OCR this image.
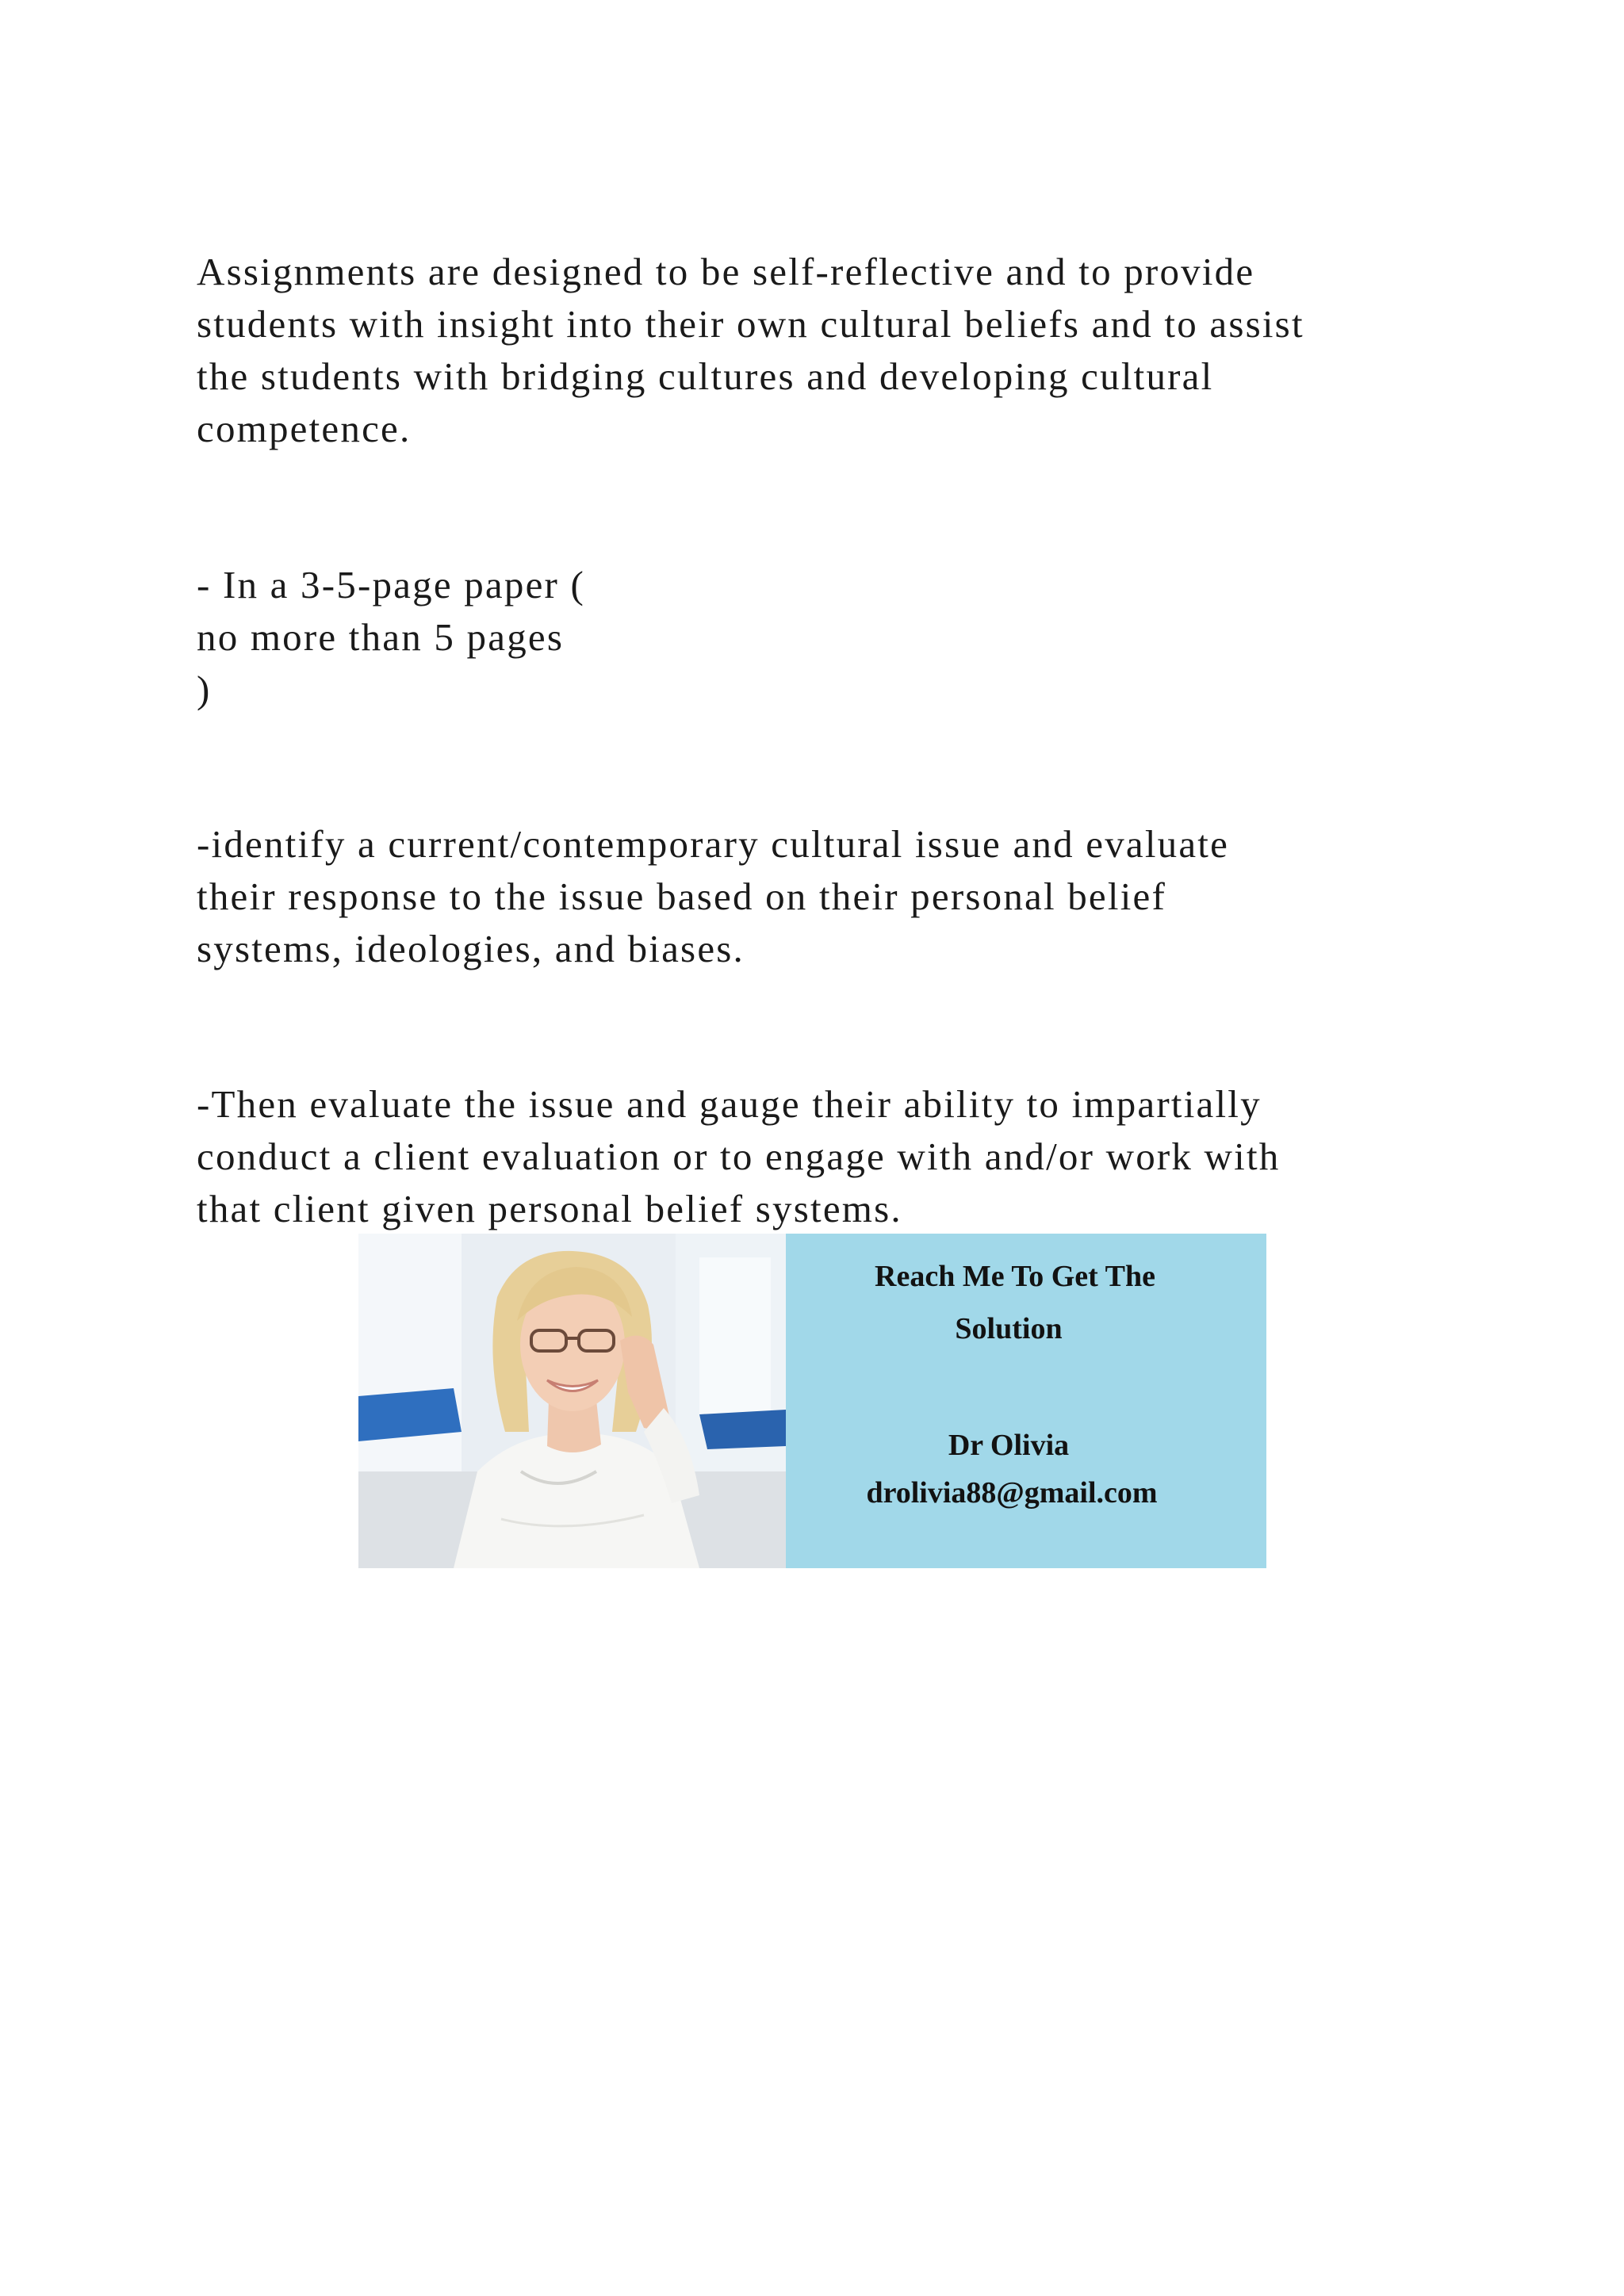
Assignments are designed to be self-reflective and to provide
students with insight into their own cultural beliefs and to assist
the students with bridging cultures and developing cultural
competence.
- In a 3-5-page paper (
no more than 5 pages
)
-identify a current/contemporary cultural issue and evaluate
their response to the issue based on their personal belief
systems, ideologies, and biases.
-Then evaluate the issue and gauge their ability to impartially
conduct a client evaluation or to engage with and/or work with
that client given personal belief systems.
Reach Me To Get The
Solution
Dr Olivia
drolivia88@gmail.com
